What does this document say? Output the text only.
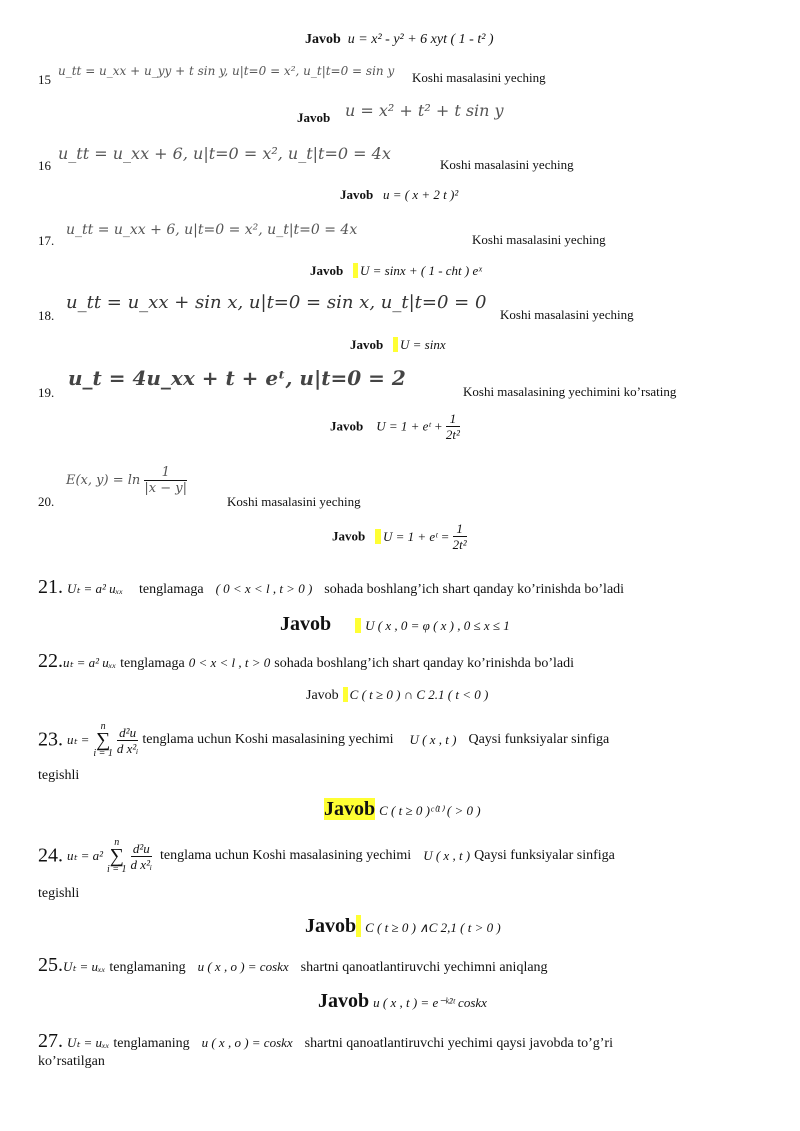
Javob u = x² - y² + 6 xyt ( 1 - t² )
15
u_tt = u_xx + u_yy + t sin y, u|t=0 = x², u_t|t=0 = sin y Koshi masalasini yeching
Javob u = x² + t² + t sin y
16
u_tt = u_xx + 6, u|t=0 = x², u_t|t=0 = 4x
Koshi masalasini yeching
Javob u = ( x + 2 t )²
17.
u_tt = u_xx + 6, u|t=0 = x², u_t|t=0 = 4x
Koshi masalasini yeching
Javob U = sinx + ( 1 - cht ) eˣ
18.
u_tt = u_xx + sin x, u|t=0 = sin x, u_t|t=0 = 0
Koshi masalasini yeching
Javob U = sinx
19.
u_t = 4u_xx + t + eᵗ, u|t=0 = 2
Koshi masalasining yechimini ko’rsating
Javob U = 1 + eᵗ + $\frac{1}{\text{2t²}}$
20.
E(x, $y) = \ln \frac{1}{|x - y|}$
Koshi masalasini yeching
Javob U = 1 + eᵗ = $\frac{1}{\text{2t²}}$
21. Uₜ = a² uₓₓ tenglamaga ( 0 < x < l , t > 0 ) sohada boshlang’ich shart qanday ko’rinishda bo’ladi
Javob	U ( x , 0 = φ ( x ) , 0 ≤ x ≤ 1
22.uₜ = a² uₓₓ tenglamaga 0 < x < l , t > 0 sohada boshlang’ich shart qanday ko’rinishda bo’ladi
Javob C ( t ≥ 0 ) ∩ C 2.1 ( t < 0 )
23. uₜ = n
∑
$i = 1 \frac{\text{d²u}}{\text{d x²ᵢ}}$ tenglama uchun Koshi masalasining yechimi U ( x , t ) Qaysi funksiyalar sinfiga
tegishli
Javob C ( t ≥ 0 )ᶜ⁽¹⁾ ( > 0 )
24. uₜ = a² n
∑
$i = 1 \frac{\text{d²u}}{\text{d x²ᵢ}}$ tenglama uchun Koshi masalasining yechimi U ( x , t ) Qaysi funksiyalar sinfiga
tegishli
Javob C ( t ≥ 0 ) ∧C 2,1 ( t > 0 )
25.Uₜ = uₓₓ tenglamaning u ( x , o ) = coskx shartni qanoatlantiruvchi yechimni aniqlang
Javob u ( x , t ) = e⁻ᵏ²ᵗ coskx
27. Uₜ = uₓₓ tenglamaning u ( x , o ) = coskx shartni qanoatlantiruvchi yechimi qaysi javobda to’g’ri
ko’rsatilgan
